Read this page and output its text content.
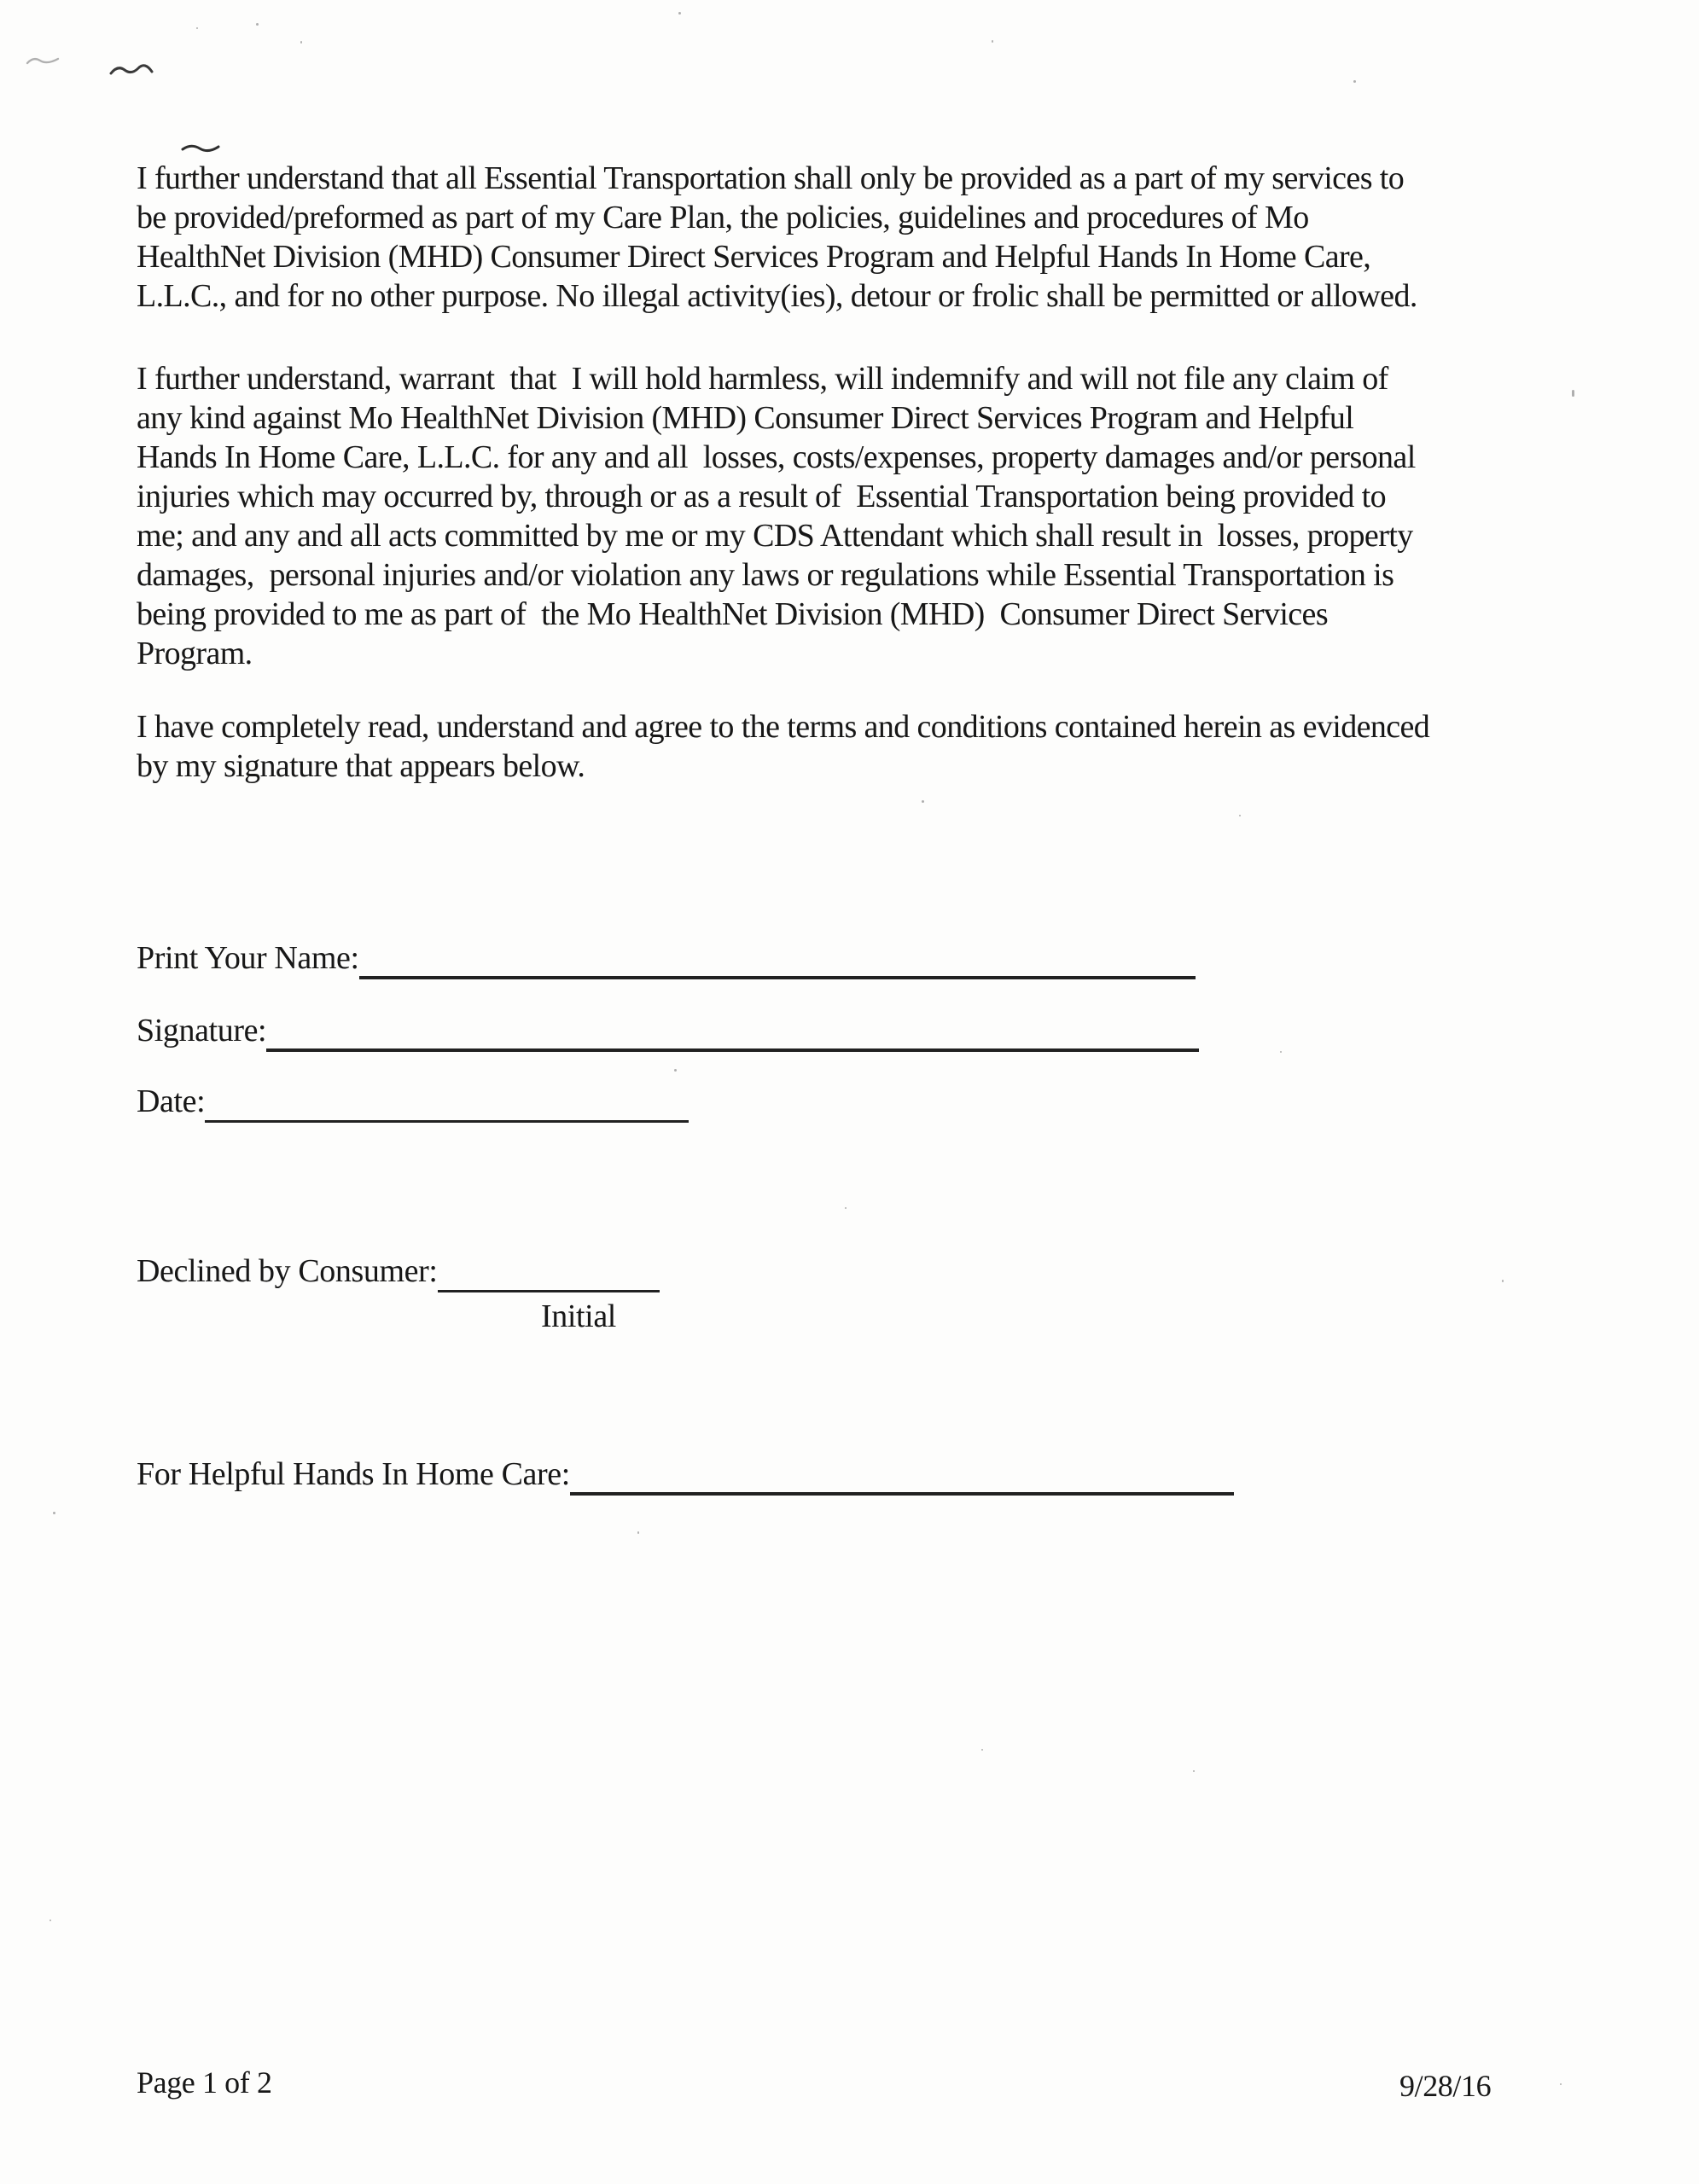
I further understand that all Essential Transportation shall only be provided as a part of my services to
be provided/preformed as part of my Care Plan, the policies, guidelines and procedures of Mo
HealthNet Division (MHD) Consumer Direct Services Program and Helpful Hands In Home Care,
L.L.C., and for no other purpose. No illegal activity(ies), detour or frolic shall be permitted or allowed.
I further understand, warrant  that  I will hold harmless, will indemnify and will not file any claim of
any kind against Mo HealthNet Division (MHD) Consumer Direct Services Program and Helpful
Hands In Home Care, L.L.C. for any and all  losses, costs/expenses, property damages and/or personal
injuries which may occurred by, through or as a result of  Essential Transportation being provided to
me; and any and all acts committed by me or my CDS Attendant which shall result in  losses, property
damages,  personal injuries and/or violation any laws or regulations while Essential Transportation is
being provided to me as part of  the Mo HealthNet Division (MHD)  Consumer Direct Services
Program.
I have completely read, understand and agree to the terms and conditions contained herein as evidenced
by my signature that appears below.
Print Your Name:
Signature:
Date:
Declined by Consumer:
Initial
For Helpful Hands In Home Care:
Page 1 of 2	9/28/16
